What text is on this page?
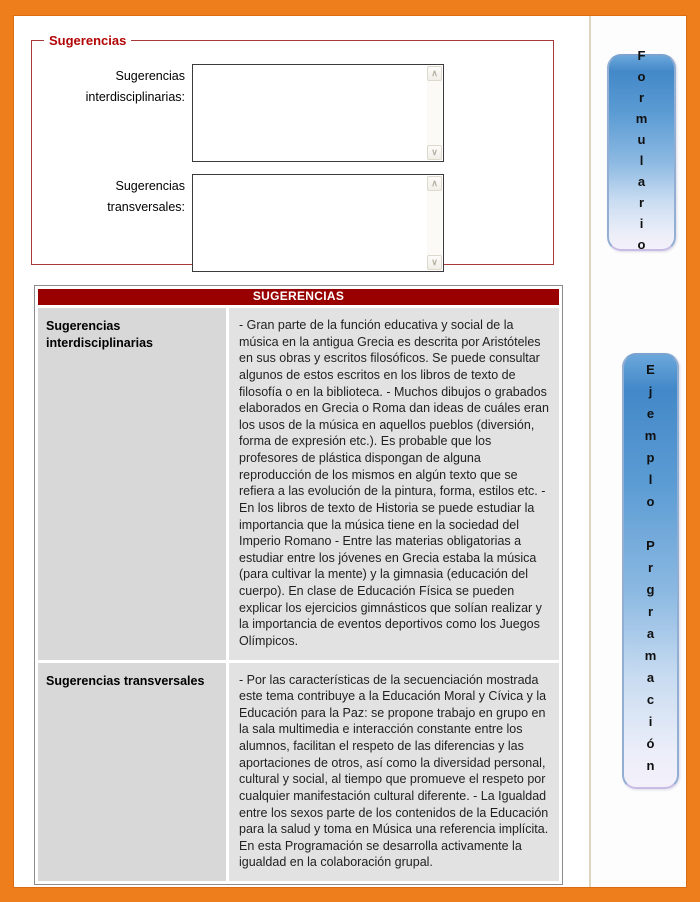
Sugerencias
Sugerencias interdisciplinarias:
∧
∨
Sugerencias transversales:
∧
∨
SUGERENCIAS	
Sugerencias interdisciplinarias	- Gran parte de la función educativa y social de la música en la antigua Grecia es descrita por Aristóteles en sus obras y escritos filosóficos. Se puede consultar algunos de estos escritos en los libros de texto de filosofía o en la biblioteca. - Muchos dibujos o grabados elaborados en Grecia o Roma dan ideas de cuáles eran los usos de la música en aquellos pueblos (diversión, forma de expresión etc.). Es probable que los profesores de plástica dispongan de alguna reproducción de los mismos en algún texto que se refiera a las evolución de la pintura, forma, estilos etc. - En los libros de texto de Historia se puede estudiar la importancia que la música tiene en la sociedad del Imperio Romano - Entre las materias obligatorias a estudiar entre los jóvenes en Grecia estaba la música (para cultivar la mente) y la gimnasia (educación del cuerpo). En clase de Educación Física se pueden explicar los ejercicios gimnásticos que solían realizar y la importancia de eventos deportivos como los Juegos Olímpicos.
Sugerencias transversales	- Por las características de la secuenciación mostrada este tema contribuye a la Educación Moral y Cívica y la Educación para la Paz: se propone trabajo en grupo en la sala multimedia e interacción constante entre los alumnos, facilitan el respeto de las diferencias y las aportaciones de otros, así como la diversidad personal, cultural y social, al tiempo que promueve el respeto por cualquier manifestación cultural diferente. - La Igualdad entre los sexos parte de los contenidos de la Educación para la salud y toma en Música una referencia implícita. En esta Programación se desarrolla activamente la igualdad en la colaboración grupal.
Formulario
Ejemplo Prgramación
